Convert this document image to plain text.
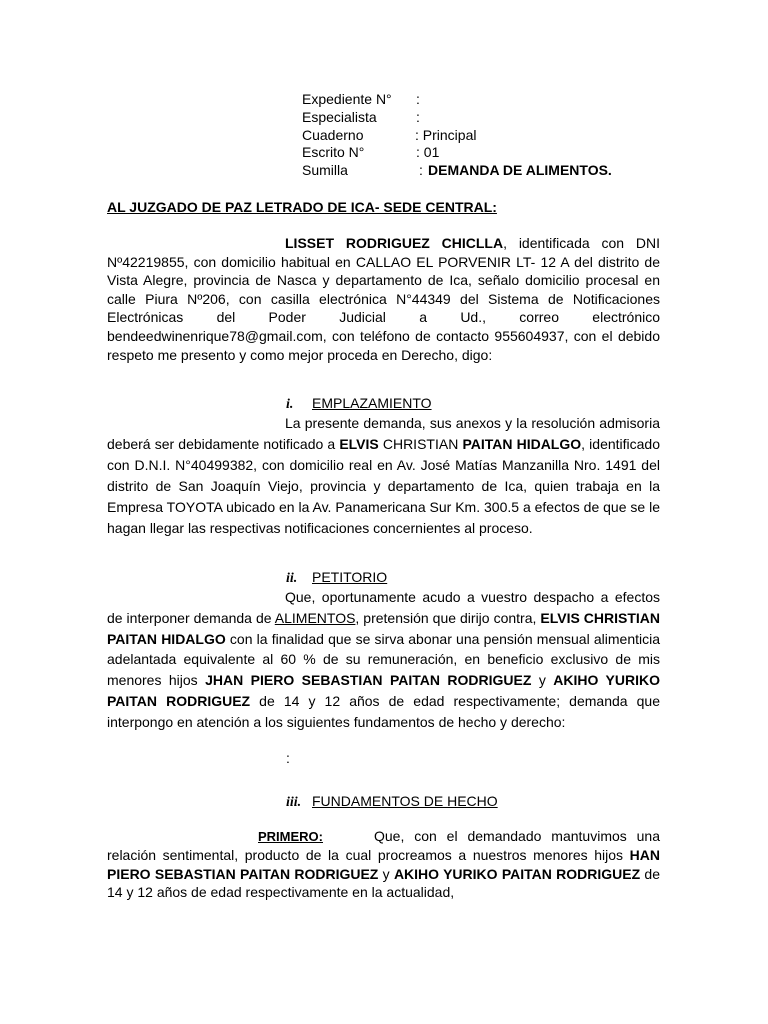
Expediente N° :
Especialista	:
Cuaderno	: Principal
Escrito N°	: 01
Sumilla	: DEMANDA DE ALIMENTOS.
AL JUZGADO DE PAZ LETRADO DE ICA- SEDE CENTRAL:
LISSET RODRIGUEZ CHICLLA, identificada con DNI Nº42219855, con domicilio habitual en CALLAO EL PORVENIR LT- 12 A del distrito de Vista Alegre, provincia de Nasca y departamento de Ica, señalo domicilio procesal en calle Piura Nº206, con casilla electrónica N°44349 del Sistema de Notificaciones Electrónicas del Poder Judicial a Ud., correo electrónico bendeedwinenrique78@gmail.com, con teléfono de contacto 955604937, con el debido respeto me presento y como mejor proceda en Derecho, digo:
i. EMPLAZAMIENTO
La presente demanda, sus anexos y la resolución admisoria deberá ser debidamente notificado a ELVIS CHRISTIAN PAITAN HIDALGO, identificado con D.N.I. N°40499382, con domicilio real en Av. José Matías Manzanilla Nro. 1491 del distrito de San Joaquín Viejo, provincia y departamento de Ica, quien trabaja en la Empresa TOYOTA ubicado en la Av. Panamericana Sur Km. 300.5 a efectos de que se le hagan llegar las respectivas notificaciones concernientes al proceso.
ii. PETITORIO
Que, oportunamente acudo a vuestro despacho a efectos de interponer demanda de ALIMENTOS, pretensión que dirijo contra, ELVIS CHRISTIAN PAITAN HIDALGO con la finalidad que se sirva abonar una pensión mensual alimenticia adelantada equivalente al 60 % de su remuneración, en beneficio exclusivo de mis menores hijos JHAN PIERO SEBASTIAN PAITAN RODRIGUEZ y AKIHO YURIKO PAITAN RODRIGUEZ de 14 y 12 años de edad respectivamente; demanda que interpongo en atención a los siguientes fundamentos de hecho y derecho:
:
iii. FUNDAMENTOS DE HECHO
PRIMERO:	Que, con el demandado mantuvimos una relación sentimental, producto de la cual procreamos a nuestros menores hijos HAN PIERO SEBASTIAN PAITAN RODRIGUEZ y AKIHO YURIKO PAITAN RODRIGUEZ de 14 y 12 años de edad respectivamente en la actualidad,
